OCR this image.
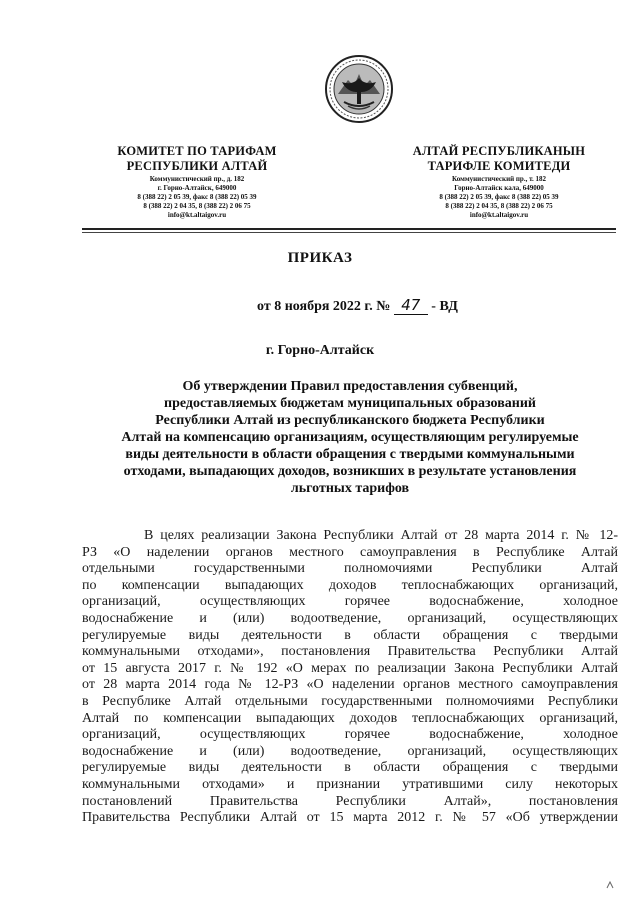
КОМИТЕТ ПО ТАРИФАМ
РЕСПУБЛИКИ АЛТАЙ
Коммунистический пр., д. 182
г. Горно-Алтайск, 649000
8 (388 22) 2 05 39, факс 8 (388 22) 05 39
8 (388 22) 2 04 35, 8 (388 22) 2 06 75
info@kt.altaigov.ru
АЛТАЙ РЕСПУБЛИКАНЫН
ТАРИФЛЕ КОМИТЕДИ
Коммунистический пр., т. 182
Горно-Алтайск кала, 649000
8 (388 22) 2 05 39, факс 8 (388 22) 05 39
8 (388 22) 2 04 35, 8 (388 22) 2 06 75
info@kt.altaigov.ru
ПРИКАЗ
от 8 ноября 2022 г. № 47 - ВД
г. Горно-Алтайск
Об утверждении Правил предоставления субвенций,
предоставляемых бюджетам муниципальных образований
Республики Алтай из республиканского бюджета Республики
Алтай на компенсацию организациям, осуществляющим регулируемые
виды деятельности в области обращения с твердыми коммунальными
отходами, выпадающих доходов, возникших в результате установления
льготных тарифов
В целях реализации Закона Республики Алтай от 28 марта 2014 г. № 12-
РЗ «О наделении органов местного самоуправления в Республике Алтай
отдельными государственными полномочиями Республики Алтай
по компенсации выпадающих доходов теплоснабжающих организаций,
организаций, осуществляющих горячее водоснабжение, холодное
водоснабжение и (или) водоотведение, организаций, осуществляющих
регулируемые виды деятельности в области обращения с твердыми
коммунальными отходами», постановления Правительства Республики Алтай
от 15 августа 2017 г. № 192 «О мерах по реализации Закона Республики Алтай
от 28 марта 2014 года № 12-РЗ «О наделении органов местного самоуправления
в Республике Алтай отдельными государственными полномочиями Республики
Алтай по компенсации выпадающих доходов теплоснабжающих организаций,
организаций, осуществляющих горячее водоснабжение, холодное
водоснабжение и (или) водоотведение, организаций, осуществляющих
регулируемые виды деятельности в области обращения с твердыми
коммунальными отходами» и признании утратившими силу некоторых
постановлений Правительства Республики Алтай», постановления
Правительства Республики Алтай от 15 марта 2012 г. № 57 «Об утверждении
